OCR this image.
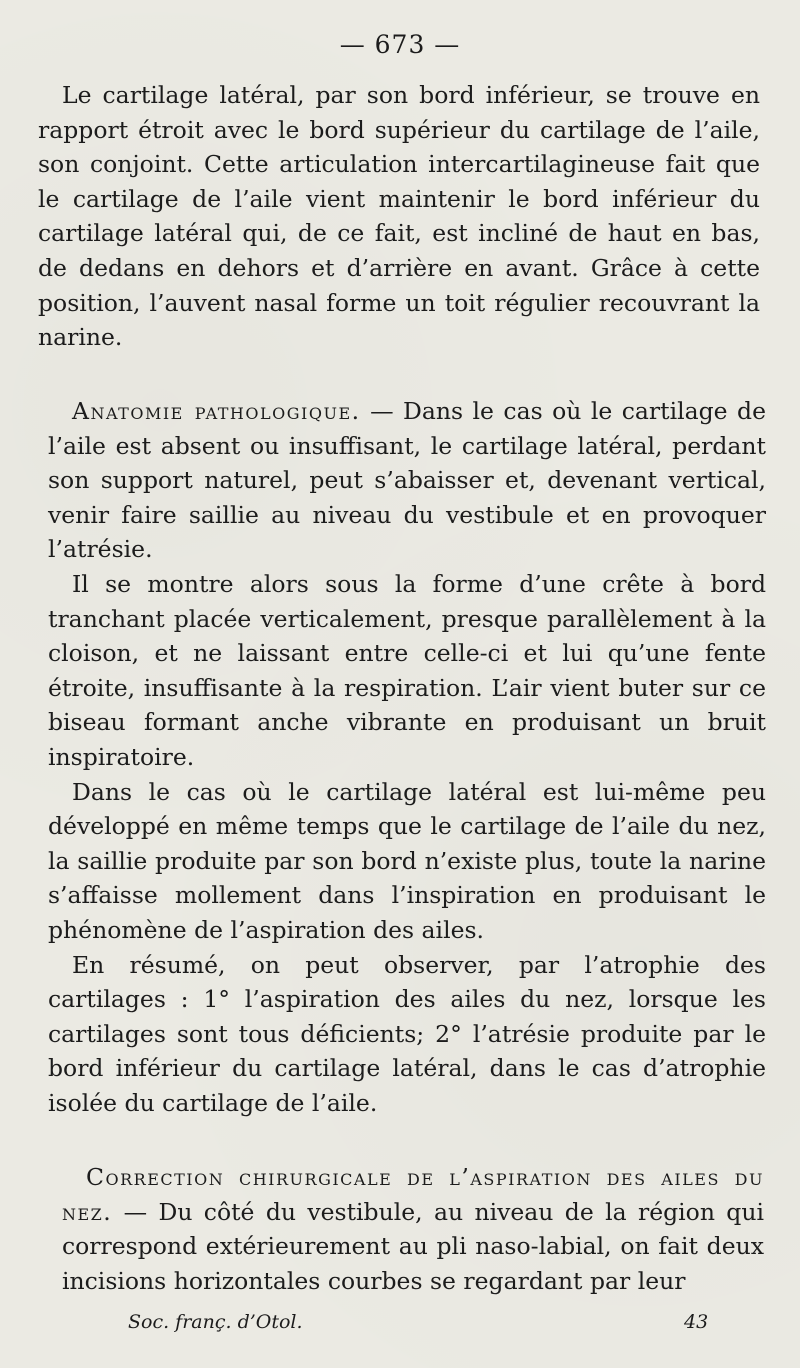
— 673 —

Le cartilage latéral, par son bord inférieur, se trouve en rapport étroit avec le bord supérieur du cartilage de l’aile, son conjoint. Cette articulation intercartilagineuse fait que le cartilage de l’aile vient maintenir le bord inférieur du cartilage latéral qui, de ce fait, est incliné de haut en bas, de dedans en dehors et d’arrière en avant. Grâce à cette position, l’auvent nasal forme un toit régulier recouvrant la narine.

Anatomie pathologique. — Dans le cas où le cartilage de l’aile est absent ou insuffisant, le cartilage latéral, perdant son support naturel, peut s’abaisser et, devenant vertical, venir faire saillie au niveau du vestibule et en provoquer l’atrésie.

Il se montre alors sous la forme d’une crête à bord tranchant placée verticalement, presque parallèlement à la cloison, et ne laissant entre celle-ci et lui qu’une fente étroite, insuffisante à la respiration. L’air vient buter sur ce biseau formant anche vibrante en produisant un bruit inspiratoire.

Dans le cas où le cartilage latéral est lui-même peu développé en même temps que le cartilage de l’aile du nez, la saillie produite par son bord n’existe plus, toute la narine s’affaisse mollement dans l’inspiration en produisant le phénomène de l’aspiration des ailes.

En résumé, on peut observer, par l’atrophie des cartilages : 1° l’aspiration des ailes du nez, lorsque les cartilages sont tous déficients; 2° l’atrésie produite par le bord inférieur du cartilage latéral, dans le cas d’atrophie isolée du cartilage de l’aile.

Correction chirurgicale de l’aspiration des ailes du nez. — Du côté du vestibule, au niveau de la région qui correspond extérieurement au pli naso-labial, on fait deux incisions horizontales courbes se regardant par leur

Soc. franç. d’Otol.	43
